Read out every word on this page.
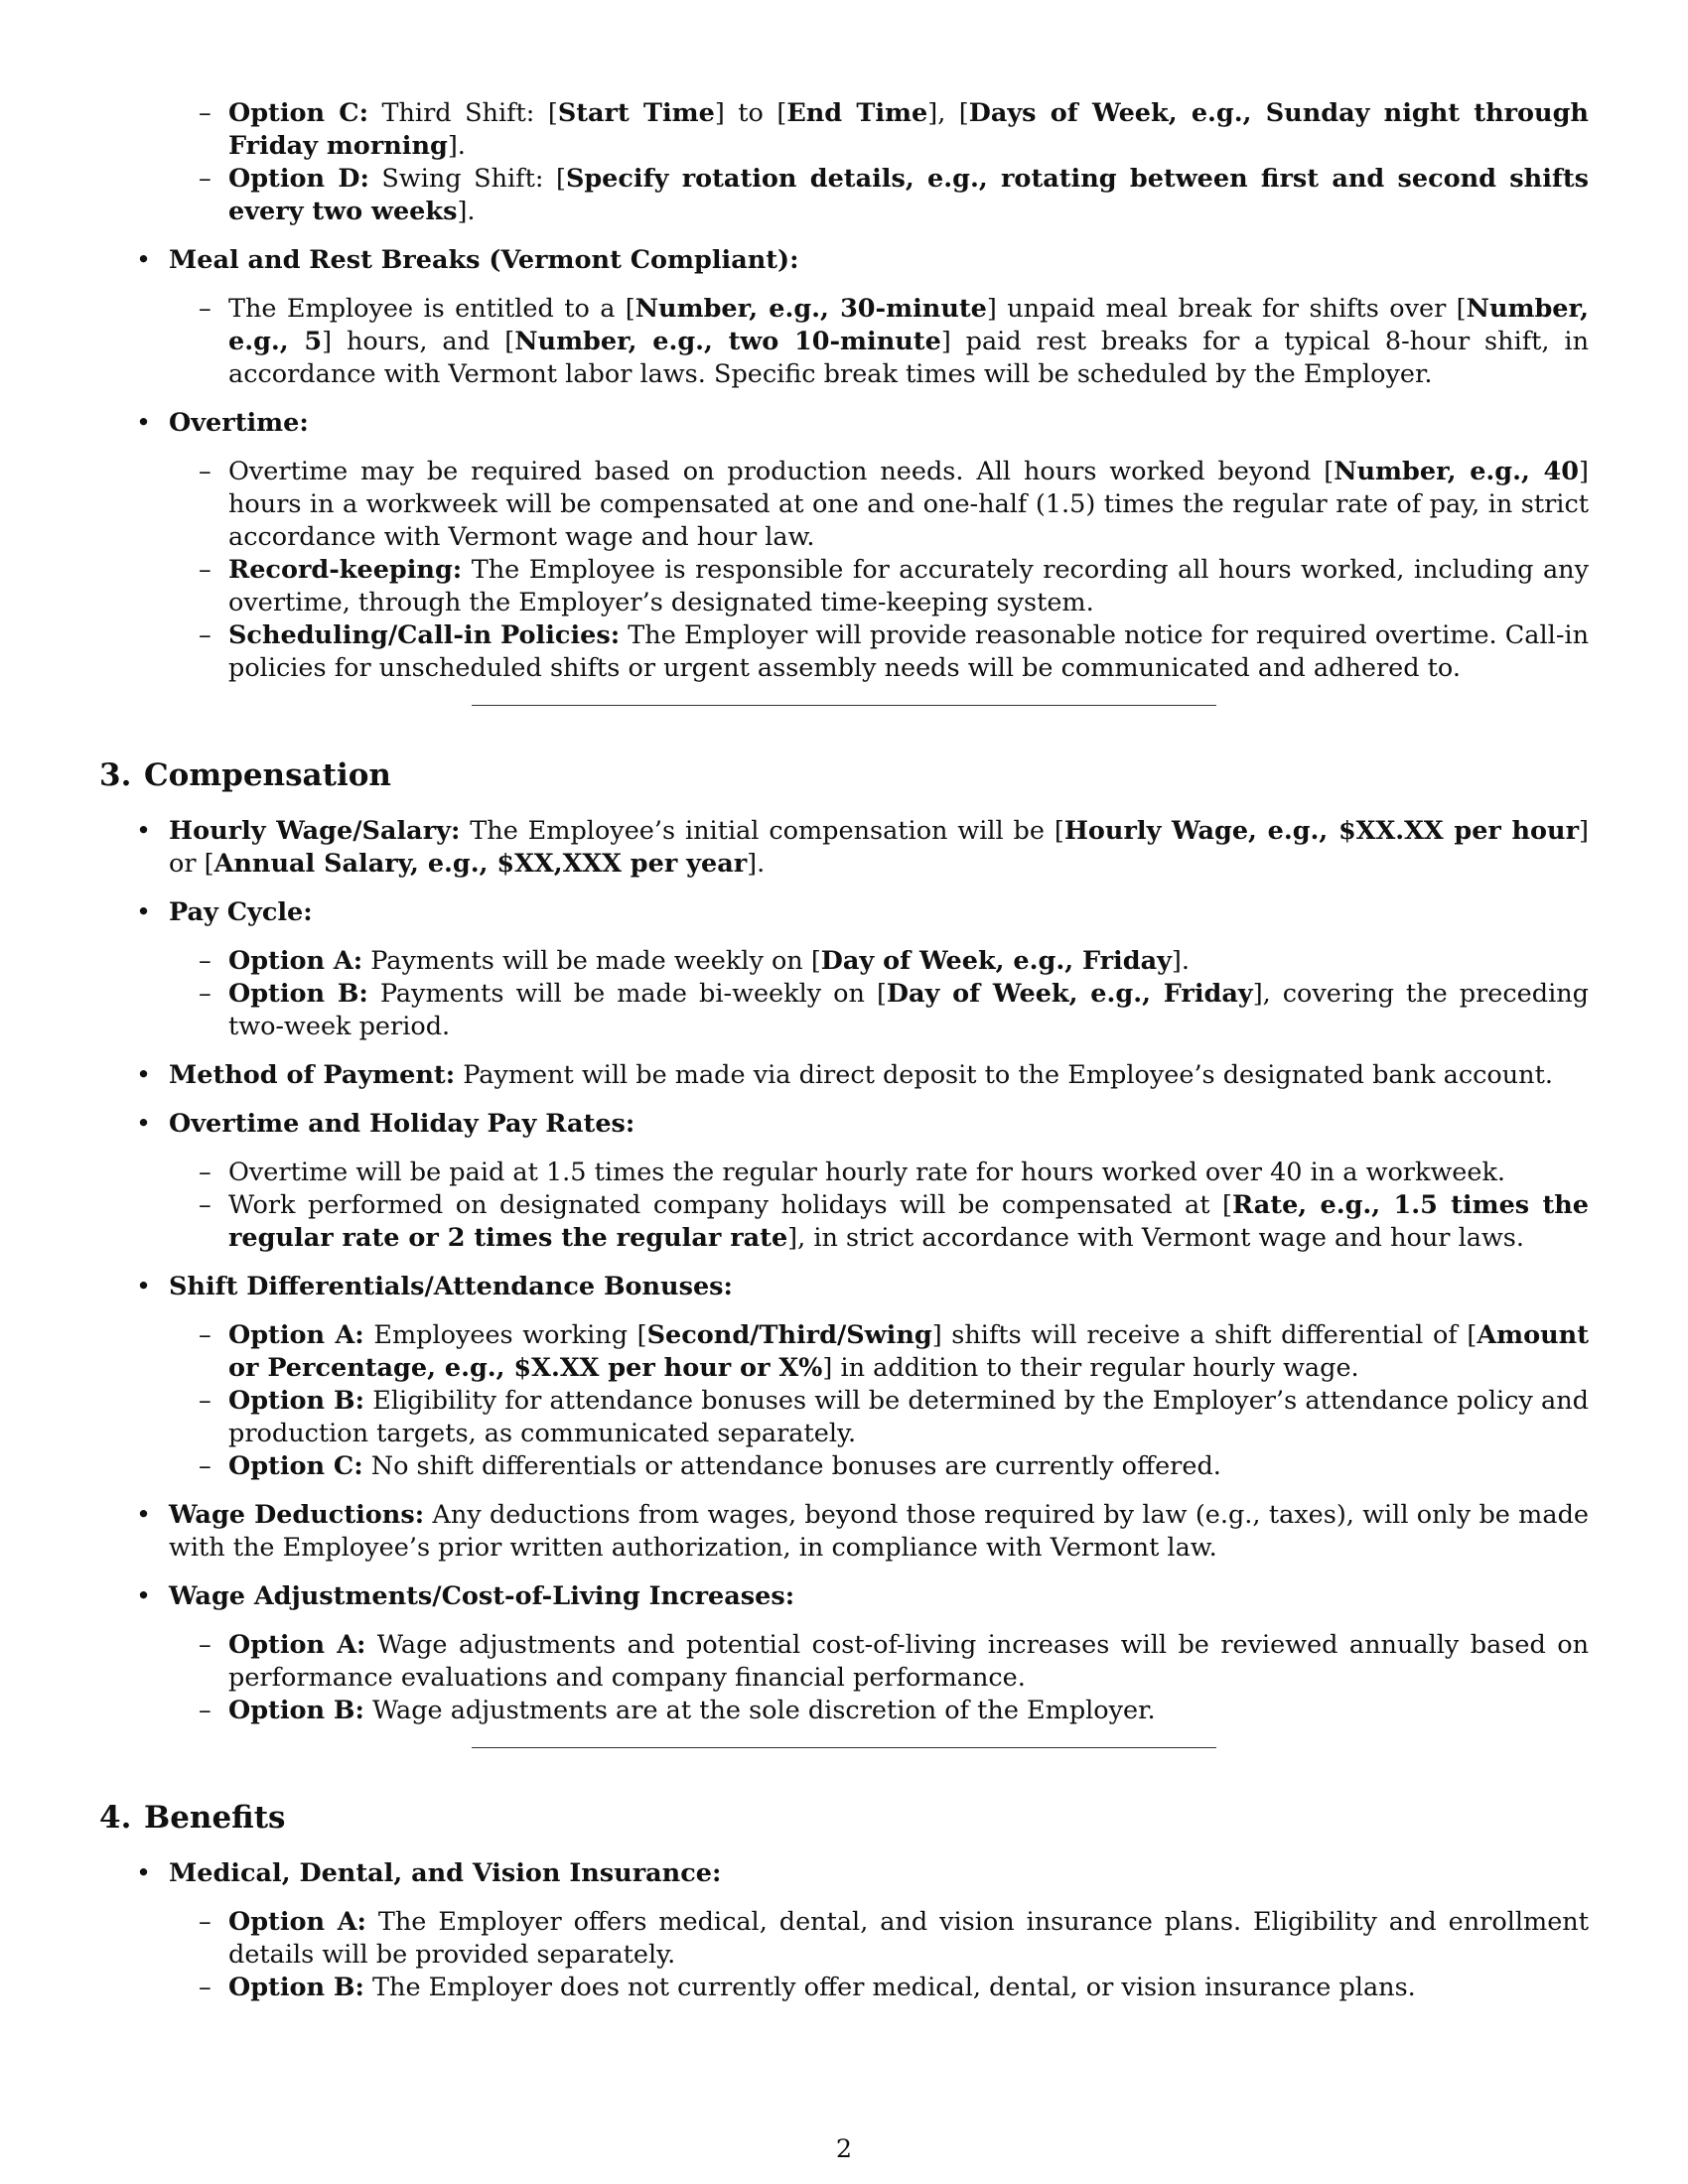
– Option C: Third Shift: [Start Time] to [End Time], [Days of Week, e.g., Sunday night through Friday morning].
– Option D: Swing Shift: [Specify rotation details, e.g., rotating between first and second shifts every two weeks].
• Meal and Rest Breaks (Vermont Compliant):
– The Employee is entitled to a [Number, e.g., 30-minute] unpaid meal break for shifts over [Number, e.g., 5] hours, and [Number, e.g., two 10-minute] paid rest breaks for a typical 8-hour shift, in accordance with Vermont labor laws. Specific break times will be scheduled by the Employer.
• Overtime:
– Overtime may be required based on production needs. All hours worked beyond [Number, e.g., 40] hours in a workweek will be compensated at one and one-half (1.5) times the regular rate of pay, in strict accordance with Vermont wage and hour law.
– Record-keeping: The Employee is responsible for accurately recording all hours worked, including any overtime, through the Employer’s designated time-keeping system.
– Scheduling/Call-in Policies: The Employer will provide reasonable notice for required overtime. Call-in policies for unscheduled shifts or urgent assembly needs will be communicated and adhered to.
3. Compensation
• Hourly Wage/Salary: The Employee’s initial compensation will be [Hourly Wage, e.g., $XX.XX per hour] or [Annual Salary, e.g., $XX,XXX per year].
• Pay Cycle:
– Option A: Payments will be made weekly on [Day of Week, e.g., Friday].
– Option B: Payments will be made bi-weekly on [Day of Week, e.g., Friday], covering the preceding two-week period.
• Method of Payment: Payment will be made via direct deposit to the Employee’s designated bank account.
• Overtime and Holiday Pay Rates:
– Overtime will be paid at 1.5 times the regular hourly rate for hours worked over 40 in a workweek.
– Work performed on designated company holidays will be compensated at [Rate, e.g., 1.5 times the regular rate or 2 times the regular rate], in strict accordance with Vermont wage and hour laws.
• Shift Differentials/Attendance Bonuses:
– Option A: Employees working [Second/Third/Swing] shifts will receive a shift differential of [Amount or Percentage, e.g., $X.XX per hour or X%] in addition to their regular hourly wage.
– Option B: Eligibility for attendance bonuses will be determined by the Employer’s attendance policy and production targets, as communicated separately.
– Option C: No shift differentials or attendance bonuses are currently offered.
• Wage Deductions: Any deductions from wages, beyond those required by law (e.g., taxes), will only be made with the Employee’s prior written authorization, in compliance with Vermont law.
• Wage Adjustments/Cost-of-Living Increases:
– Option A: Wage adjustments and potential cost-of-living increases will be reviewed annually based on performance evaluations and company financial performance.
– Option B: Wage adjustments are at the sole discretion of the Employer.
4. Benefits
• Medical, Dental, and Vision Insurance:
– Option A: The Employer offers medical, dental, and vision insurance plans. Eligibility and enrollment details will be provided separately.
– Option B: The Employer does not currently offer medical, dental, or vision insurance plans.
2
